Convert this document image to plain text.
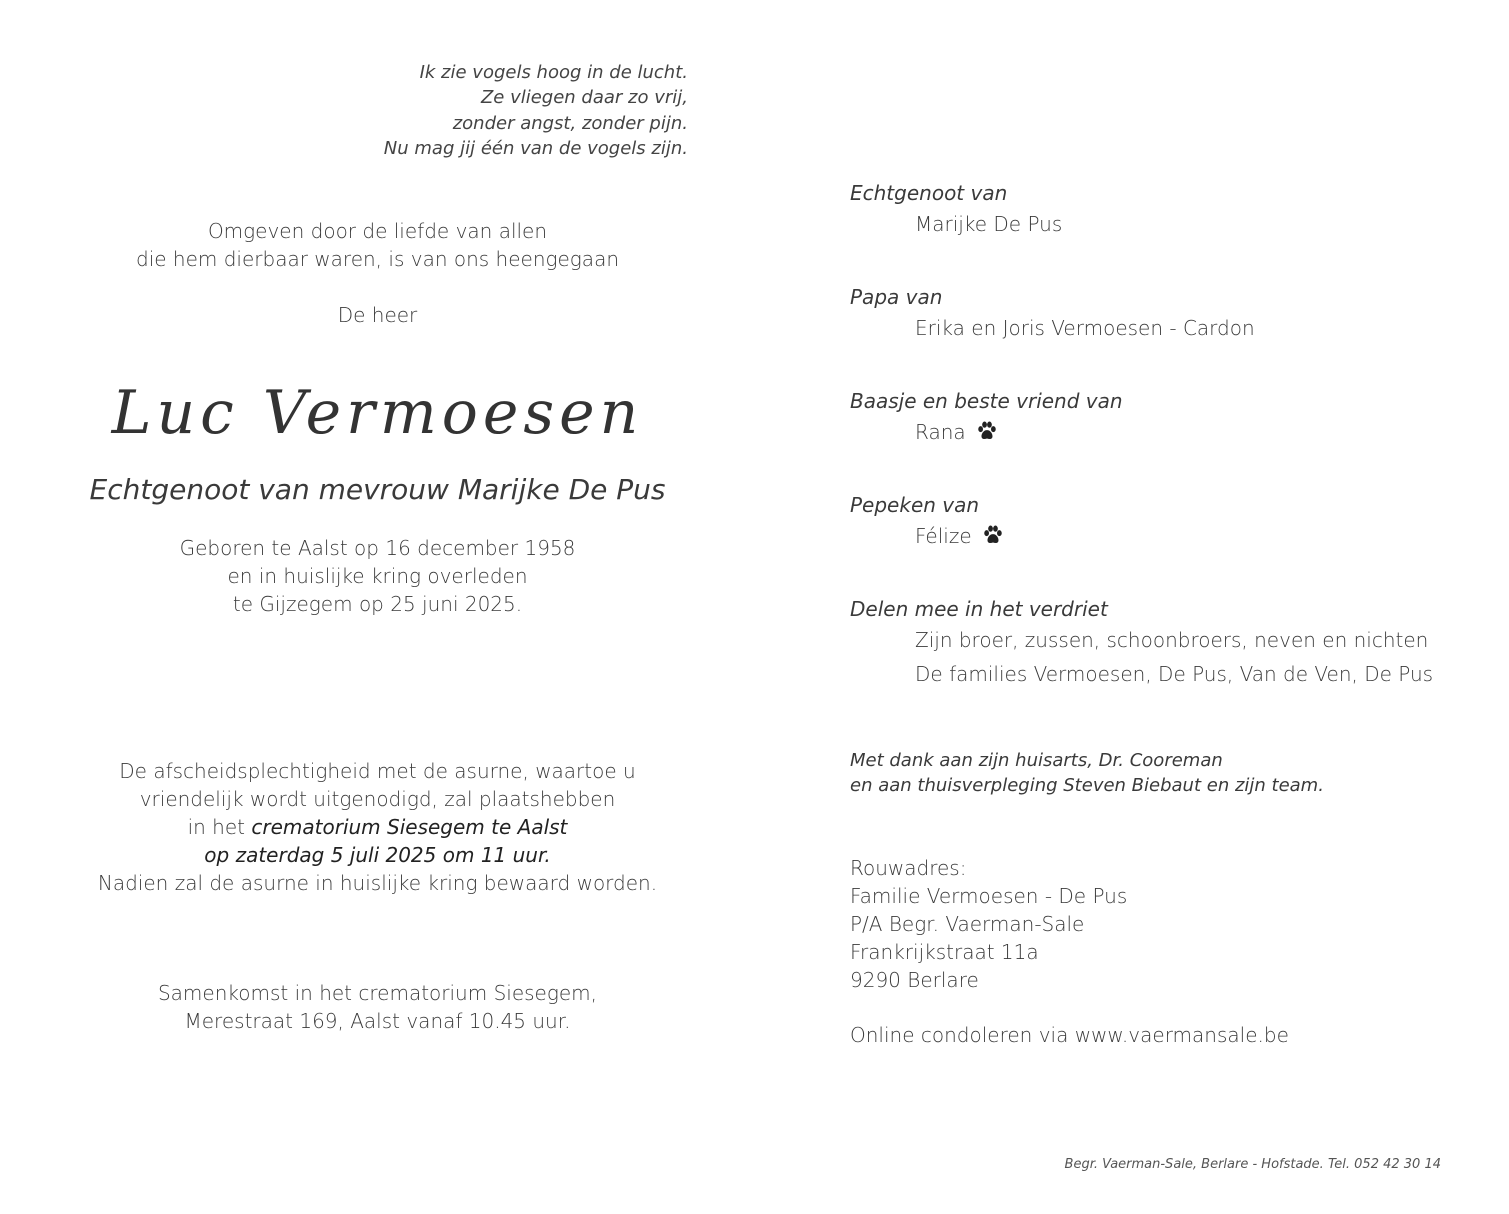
Ik zie vogels hoog in de lucht.
Ze vliegen daar zo vrij,
zonder angst, zonder pijn.
Nu mag jij één van de vogels zijn.
Omgeven door de liefde van allen
die hem dierbaar waren, is van ons heengegaan
De heer
Luc Vermoesen
Echtgenoot van mevrouw Marijke De Pus
Geboren te Aalst op 16 december 1958
en in huislijke kring overleden
te Gijzegem op 25 juni 2025.
De afscheidsplechtigheid met de asurne, waartoe u
vriendelijk wordt uitgenodigd, zal plaatshebben
in het crematorium Siesegem te Aalst
op zaterdag 5 juli 2025 om 11 uur.
Nadien zal de asurne in huislijke kring bewaard worden.
Samenkomst in het crematorium Siesegem,
Merestraat 169, Aalst vanaf 10.45 uur.
Echtgenoot van
Marijke De Pus
Papa van
Erika en Joris Vermoesen - Cardon
Baasje en beste vriend van
Rana
Pepeken van
Félize
Delen mee in het verdriet
Zijn broer, zussen, schoonbroers, neven en nichten
De families Vermoesen, De Pus, Van de Ven, De Pus
Met dank aan zijn huisarts, Dr. Cooreman
en aan thuisverpleging Steven Biebaut en zijn team.
Rouwadres:
Familie Vermoesen - De Pus
P/A Begr. Vaerman-Sale
Frankrijkstraat 11a
9290 Berlare
Online condoleren via www.vaermansale.be
Begr. Vaerman-Sale, Berlare - Hofstade. Tel. 052 42 30 14
